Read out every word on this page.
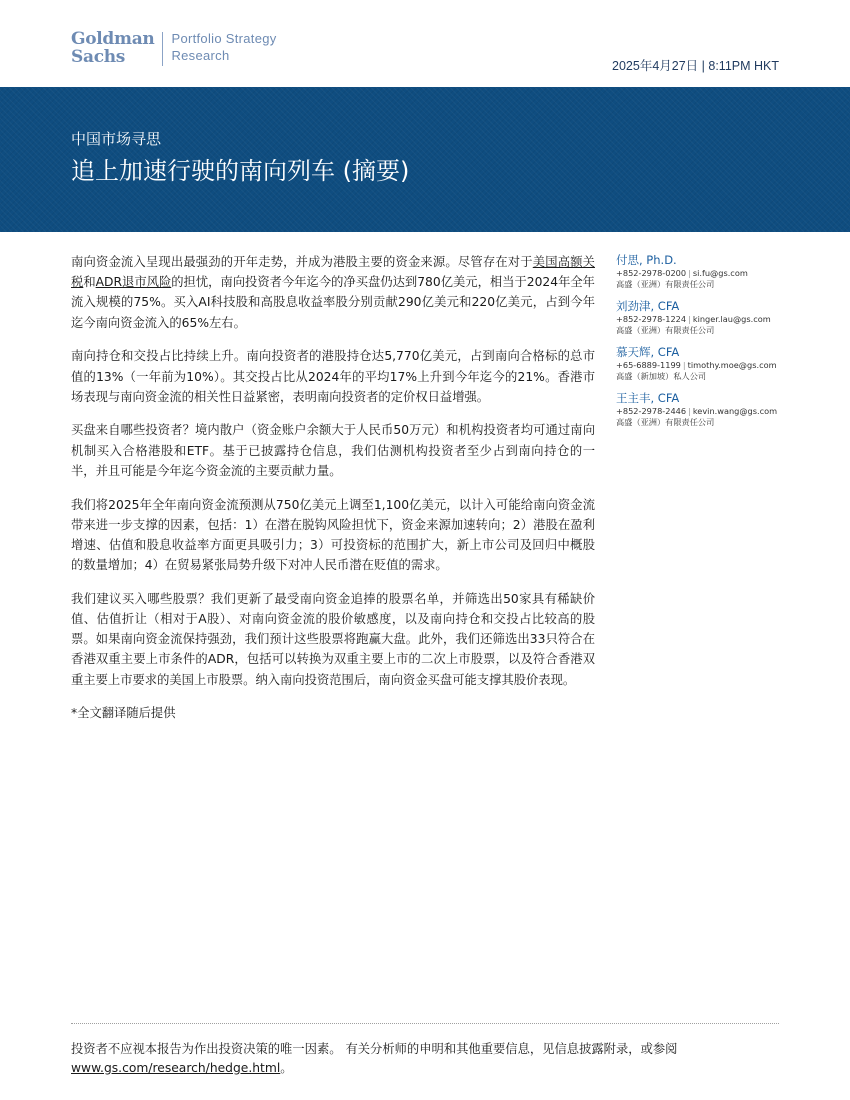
Goldman
Sachs
Portfolio Strategy
Research
2025年4月27日 | 8:11PM HKT
中国市场寻思
追上加速行驶的南向列车 (摘要)

南向资金流入呈现出最强劲的开年走势，并成为港股主要的资金来源。尽管存在对于美国高额关税和ADR退市风险的担忧，南向投资者今年迄今的净买盘仍达到780亿美元，相当于2024年全年流入规模的75%。买入AI科技股和高股息收益率股分别贡献290亿美元和220亿美元，占到今年迄今南向资金流入的65%左右。

南向持仓和交投占比持续上升。南向投资者的港股持仓达5,770亿美元，占到南向合格标的总市值的13%（一年前为10%）。其交投占比从2024年的平均17%上升到今年迄今的21%。香港市场表现与南向资金流的相关性日益紧密，表明南向投资者的定价权日益增强。

买盘来自哪些投资者？境内散户（资金账户余额大于人民币50万元）和机构投资者均可通过南向机制买入合格港股和ETF。基于已披露持仓信息，我们估测机构投资者至少占到南向持仓的一半，并且可能是今年迄今资金流的主要贡献力量。

我们将2025年全年南向资金流预测从750亿美元上调至1,100亿美元，以计入可能给南向资金流带来进一步支撑的因素，包括：1）在潜在脱钩风险担忧下，资金来源加速转向；2）港股在盈利增速、估值和股息收益率方面更具吸引力；3）可投资标的范围扩大，新上市公司及回归中概股的数量增加；4）在贸易紧张局势升级下对冲人民币潜在贬值的需求。

我们建议买入哪些股票？我们更新了最受南向资金追捧的股票名单，并筛选出50家具有稀缺价值、估值折让（相对于A股）、对南向资金流的股价敏感度，以及南向持仓和交投占比较高的股票。如果南向资金流保持强劲，我们预计这些股票将跑赢大盘。此外，我们还筛选出33只符合在香港双重主要上市条件的ADR，包括可以转换为双重主要上市的二次上市股票，以及符合香港双重主要上市要求的美国上市股票。纳入南向投资范围后，南向资金买盘可能支撑其股价表现。

*全文翻译随后提供

付思, Ph.D.
+852-2978-0200 | si.fu@gs.com
高盛（亚洲）有限责任公司
刘劲津, CFA
+852-2978-1224 | kinger.lau@gs.com
高盛（亚洲）有限责任公司
慕天辉, CFA
+65-6889-1199 | timothy.moe@gs.com
高盛（新加坡）私人公司
王主丰, CFA
+852-2978-2446 | kevin.wang@gs.com
高盛（亚洲）有限责任公司
投资者不应视本报告为作出投资决策的唯一因素。 有关分析师的申明和其他重要信息，见信息披露附录，或参阅www.gs.com/research/hedge.html。
